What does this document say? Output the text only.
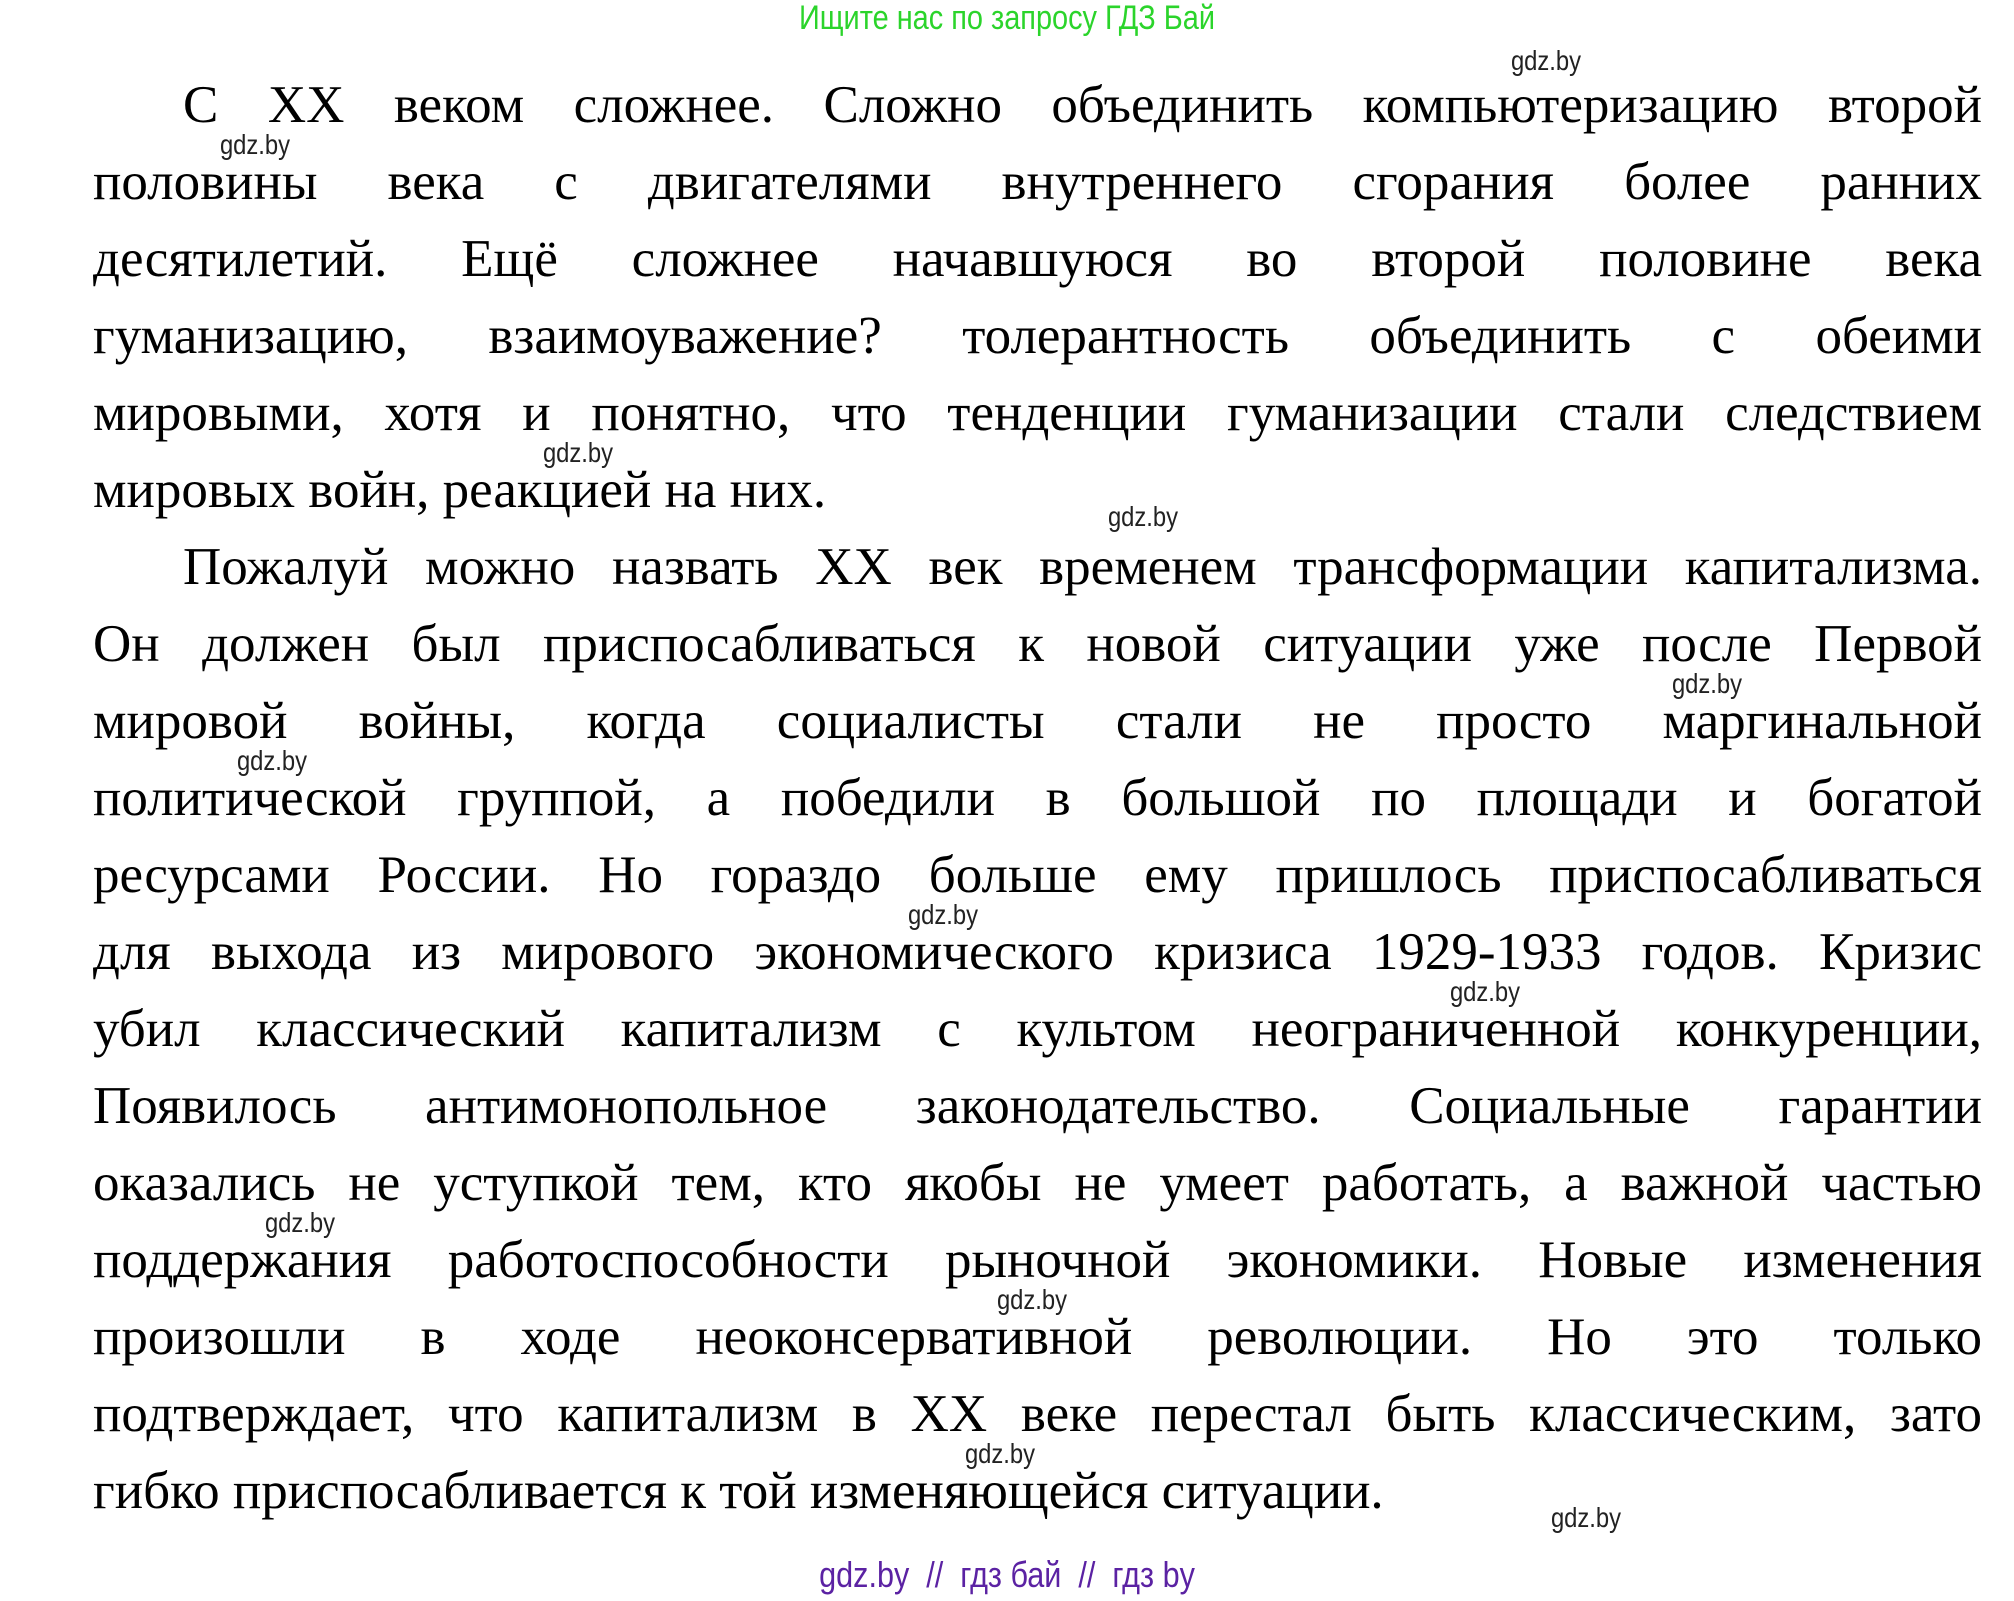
Ищите нас по запросу ГДЗ Бай
С XX веком сложнее. Сложно объединить компьютеризацию второй
половины века с двигателями внутреннего сгорания более ранних
десятилетий. Ещё сложнее начавшуюся во второй половине века
гуманизацию, взаимоуважение? толерантность объединить с обеими
мировыми, хотя и понятно, что тенденции гуманизации стали следствием
мировых войн, реакцией на них.
Пожалуй можно назвать XX век временем трансформации капитализма.
Он должен был приспосабливаться к новой ситуации уже после Первой
мировой войны, когда социалисты стали не просто маргинальной
политической группой, а победили в большой по площади и богатой
ресурсами России. Но гораздо больше ему пришлось приспосабливаться
для выхода из мирового экономического кризиса 1929-1933 годов. Кризис
убил классический капитализм с культом неограниченной конкуренции,
Появилось антимонопольное законодательство. Социальные гарантии
оказались не уступкой тем, кто якобы не умеет работать, а важной частью
поддержания работоспособности рыночной экономики. Новые изменения
произошли в ходе неоконсервативной революции. Но это только
подтверждает, что капитализм в XX веке перестал быть классическим, зато
гибко приспосабливается к той изменяющейся ситуации.
gdz.by
gdz.by
gdz.by
gdz.by
gdz.by
gdz.by
gdz.by
gdz.by
gdz.by
gdz.by
gdz.by
gdz.by
gdz.by  //  гдз бай  //  гдз by
